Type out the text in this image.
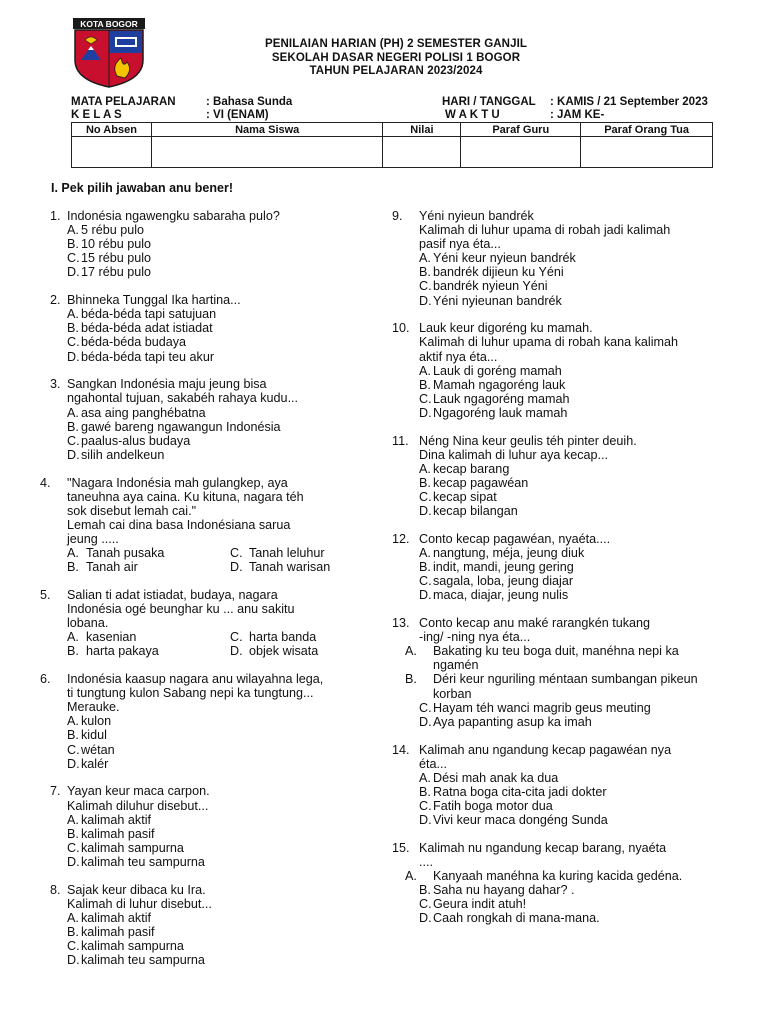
KOTA BOGOR
PENILAIAN HARIAN (PH) 2 SEMESTER GANJIL
SEKOLAH DASAR NEGERI POLISI 1 BOGOR
TAHUN PELAJARAN 2023/2024
MATA PELAJARAN	: Bahasa Sunda	HARI / TANGGAL : KAMIS / 21 September 2023
K E L A S	: VI (ENAM)	W A K T U	: JAM KE-
No Absen	Nama Siswa	Nilai	Paraf Guru	Paraf Orang Tua

I. Pek pilih jawaban anu bener!
1. Indonésia ngawengku sabaraha pulo?
A. 5 rébu pulo
B. 10 rébu pulo
C.15 rébu pulo
D.17 rébu pulo
2. Bhinneka Tunggal Ika hartina...
A. béda-béda tapi satujuan
B. béda-béda adat istiadat
C.béda-béda budaya
D.béda-béda tapi teu akur
3. Sangkan Indonésia maju jeung bisa
ngahontal tujuan, sakabéh rahaya kudu...
A. asa aing panghébatna
B. gawé bareng ngawangun Indonésia
C.paalus-alus budaya
D.silih andelkeun
4. "Nagara Indonésia mah gulangkep, aya
taneuhna aya caina. Ku kituna, nagara téh
sok disebut lemah cai."
Lemah cai dina basa Indonésiana sarua
jeung .....
A. Tanah pusaka	C. Tanah leluhur
B. Tanah air	D. Tanah warisan
5. Salian ti adat istiadat, budaya, nagara
Indonésia ogé beunghar ku ... anu sakitu
lobana.
A. kasenian	C. harta banda
B. harta pakaya	D. objek wisata
6. Indonésia kaasup nagara anu wilayahna lega,
ti tungtung kulon Sabang nepi ka tungtung...
Merauke.
A. kulon
B. kidul
C.wétan
D.kalér
7. Yayan keur maca carpon.
Kalimah diluhur disebut...
A. kalimah aktif
B. kalimah pasif
C.kalimah sampurna
D.kalimah teu sampurna
8. Sajak keur dibaca ku Ira.
Kalimah di luhur disebut...
A. kalimah aktif
B. kalimah pasif
C.kalimah sampurna
D.kalimah teu sampurna
9. Yéni nyieun bandrék
Kalimah di luhur upama di robah jadi kalimah
pasif nya éta...
A. Yéni keur nyieun bandrék
B. bandrék dijieun ku Yéni
C.bandrék nyieun Yéni
D.Yéni nyieunan bandrék
10. Lauk keur digoréng ku mamah.
Kalimah di luhur upama di robah kana kalimah
aktif nya éta...
A. Lauk di goréng mamah
B. Mamah ngagoréng lauk
C.Lauk ngagoréng mamah
D.Ngagoréng lauk mamah
11. Néng Nina keur geulis téh pinter deuih.
Dina kalimah di luhur aya kecap...
A. kecap barang
B. kecap pagawéan
C.kecap sipat
D.kecap bilangan
12. Conto kecap pagawéan, nyaéta....
A. nangtung, méja, jeung diuk
B. indit, mandi, jeung gering
C.sagala, loba, jeung diajar
D.maca, diajar, jeung nulis
13. Conto kecap anu maké rarangkén tukang
-ing/ -ning nya éta...
A. Bakating ku teu boga duit, manéhna nepi ka ngamén
B. Déri keur nguriling méntaan sumbangan pikeun korban
C.Hayam téh wanci magrib geus meuting
D.Aya papanting asup ka imah
14. Kalimah anu ngandung kecap pagawéan nya
éta...
A. Dési mah anak ka dua
B. Ratna boga cita-cita jadi dokter
C.Fatih boga motor dua
D.Vivi keur maca dongéng Sunda
15. Kalimah nu ngandung kecap barang, nyaéta
....
A. Kanyaah manéhna ka kuring kacida gedéna.
B. Saha nu hayang dahar? .
C.Geura indit atuh!
D.Caah rongkah di mana-mana.
